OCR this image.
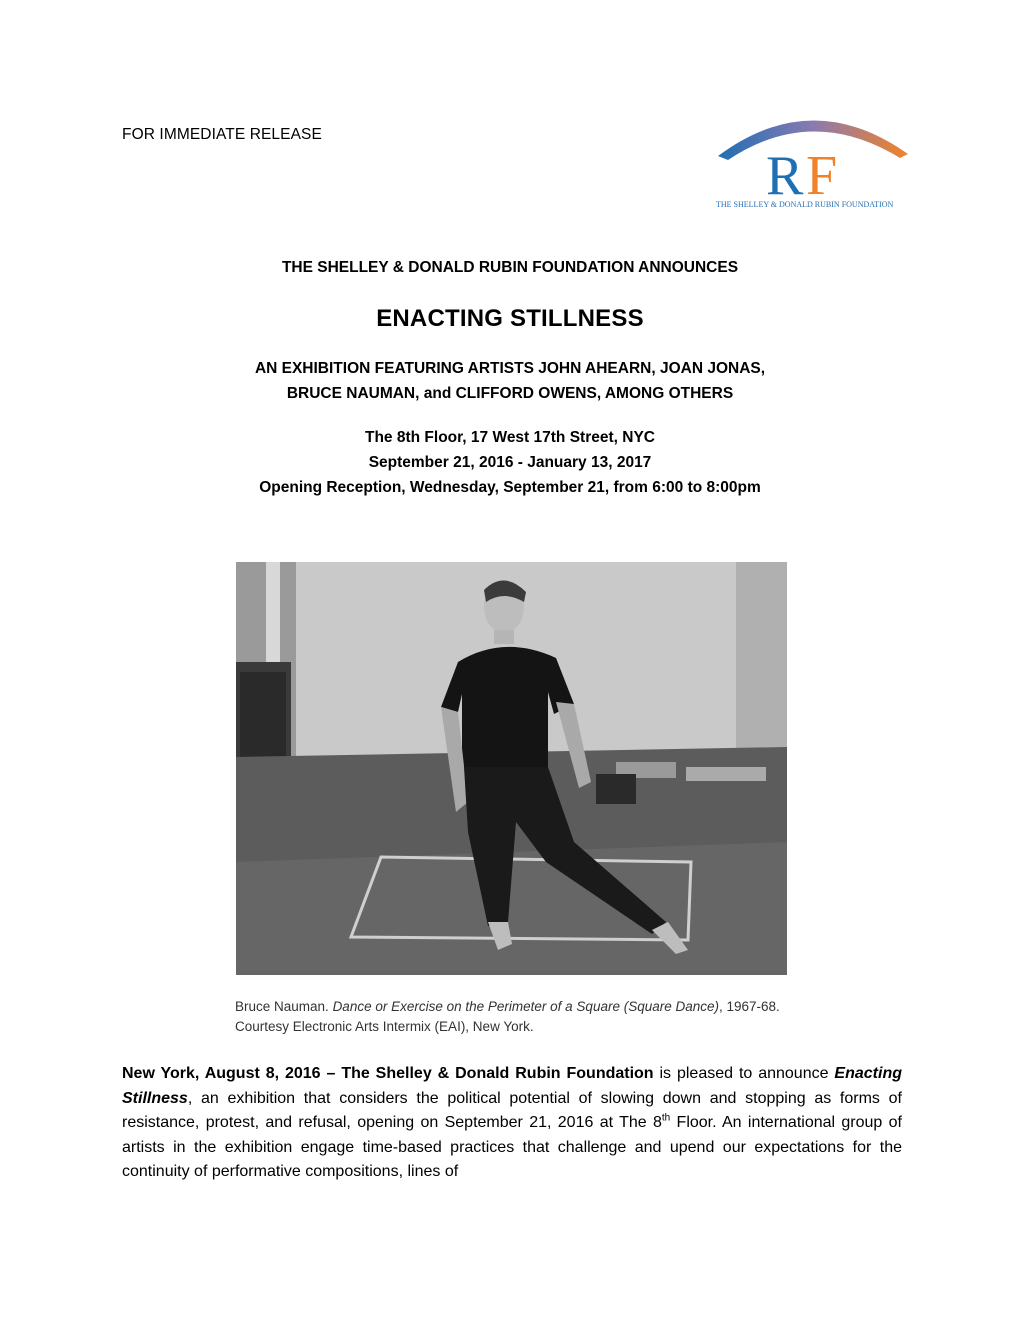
FOR IMMEDIATE RELEASE
R F
THE SHELLEY & DONALD RUBIN FOUNDATION
THE SHELLEY & DONALD RUBIN FOUNDATION ANNOUNCES
ENACTING STILLNESS
AN EXHIBITION FEATURING ARTISTS JOHN AHEARN, JOAN JONAS,
BRUCE NAUMAN, and CLIFFORD OWENS, AMONG OTHERS
The 8th Floor, 17 West 17th Street, NYC
September 21, 2016 - January 13, 2017
Opening Reception, Wednesday, September 21, from 6:00 to 8:00pm
Bruce Nauman. Dance or Exercise on the Perimeter of a Square (Square Dance), 1967-68.
Courtesy Electronic Arts Intermix (EAI), New York.
New York, August 8, 2016 – The Shelley & Donald Rubin Foundation is pleased to announce Enacting Stillness, an exhibition that considers the political potential of slowing down and stopping as forms of resistance, protest, and refusal, opening on September 21, 2016 at The 8th Floor. An international group of artists in the exhibition engage time-based practices that challenge and upend our expectations for the continuity of performative compositions, lines of
